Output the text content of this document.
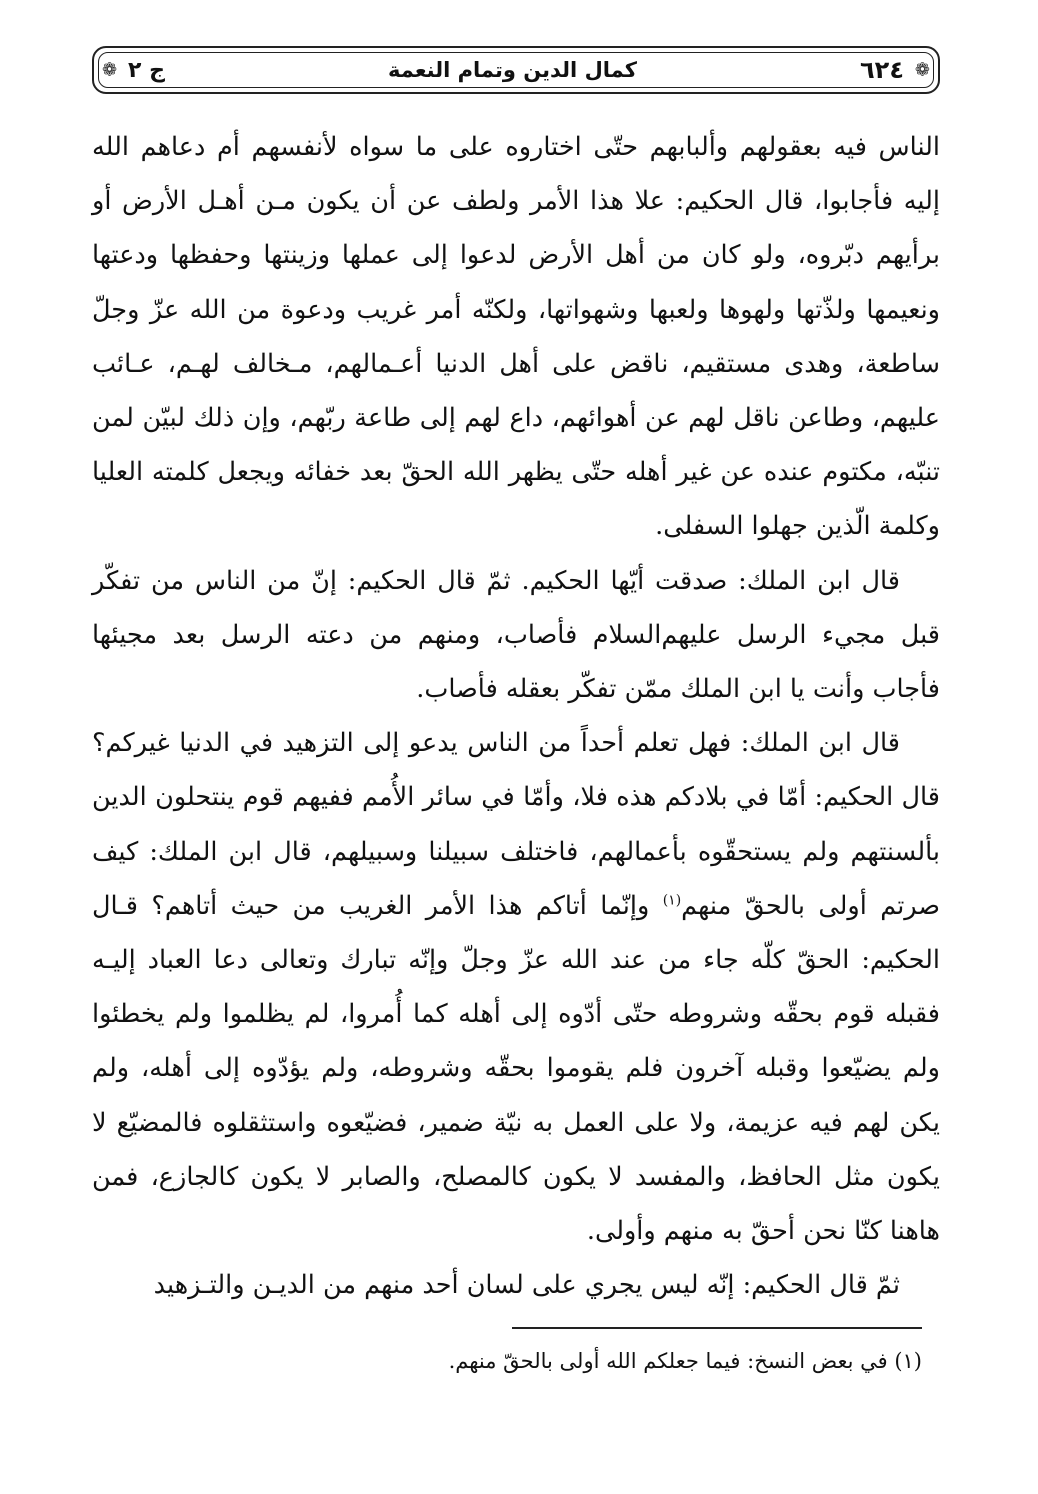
❁ ج ٢	كمال الدين وتمام النعمة	٦٢٤ ❁

الناس فيه بعقولهم وألبابهم حتّى اختاروه على ما سواه لأنفسهم أم دعاهم الله إليه فأجابوا، قال الحكيم: علا هذا الأمر ولطف عن أن يكون مـن أهـل الأرض أو برأيهم دبّروه، ولو كان من أهل الأرض لدعوا إلى عملها وزينتها وحفظها ودعتها ونعيمها ولذّتها ولهوها ولعبها وشهواتها، ولكنّه أمر غريب ودعوة من الله عزّ وجلّ ساطعة، وهدى مستقيم، ناقض على أهل الدنيا أعـمالهم، مـخالف لهـم، عـائب عليهم، وطاعن ناقل لهم عن أهوائهم، داع لهم إلى طاعة ربّهم، وإن ذلك لبيّن لمن تنبّه، مكتوم عنده عن غير أهله حتّى يظهر الله الحقّ بعد خفائه ويجعل كلمته العليا وكلمة الّذين جهلوا السفلى.

قال ابن الملك: صدقت أيّها الحكيم. ثمّ قال الحكيم: إنّ من الناس من تفكّر قبل مجيء الرسل عليهم‌السلام فأصاب، ومنهم من دعته الرسل بعد مجيئها فأجاب وأنت يا ابن الملك ممّن تفكّر بعقله فأصاب.

قال ابن الملك: فهل تعلم أحداً من الناس يدعو إلى التزهيد في الدنيا غيركم؟ قال الحكيم: أمّا في بلادكم هذه فلا، وأمّا في سائر الأُمم ففيهم قوم ينتحلون الدين بألسنتهم ولم يستحقّوه بأعمالهم، فاختلف سبيلنا وسبيلهم، قال ابن الملك: كيف صرتم أولى بالحقّ منهم$^{(١)}$ وإنّما أتاكم هذا الأمر الغريب من حيث أتاهم؟ قـال الحكيم: الحقّ كلّه جاء من عند الله عزّ وجلّ وإنّه تبارك وتعالى دعا العباد إليـه فقبله قوم بحقّه وشروطه حتّى أدّوه إلى أهله كما أُمروا، لم يظلموا ولم يخطئوا ولم يضيّعوا وقبله آخرون فلم يقوموا بحقّه وشروطه، ولم يؤدّوه إلى أهله، ولم يكن لهم فيه عزيمة، ولا على العمل به نيّة ضمير، فضيّعوه واستثقلوه فالمضيّع لا يكون مثل الحافظ، والمفسد لا يكون كالمصلح، والصابر لا يكون كالجازع، فمن هاهنا كنّا نحن أحقّ به منهم وأولى.

ثمّ قال الحكيم: إنّه ليس يجري على لسان أحد منهم من الديـن والتـزهيد

(١) في بعض النسخ: فيما جعلكم الله أولى بالحقّ منهم.
